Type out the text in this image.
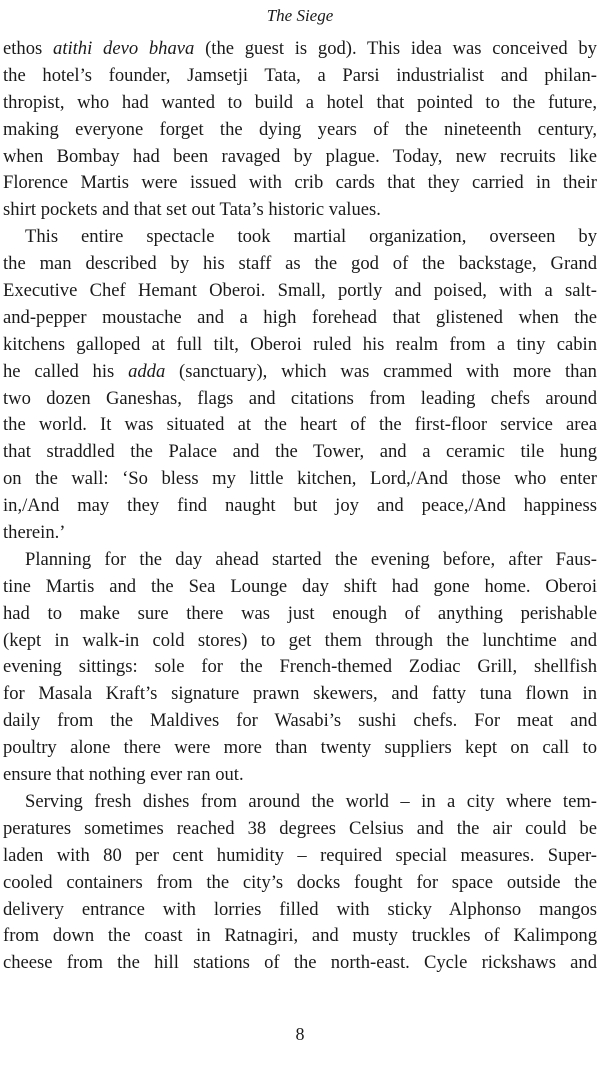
The Siege
ethos atithi devo bhava (the guest is god). This idea was conceived by
the hotel’s founder, Jamsetji Tata, a Parsi industrialist and philan-
thropist, who had wanted to build a hotel that pointed to the future,
making everyone forget the dying years of the nineteenth century,
when Bombay had been ravaged by plague. Today, new recruits like
Florence Martis were issued with crib cards that they carried in their
shirt pockets and that set out Tata’s historic values.
This entire spectacle took martial organization, overseen by
the man described by his staff as the god of the backstage, Grand
Executive Chef Hemant Oberoi. Small, portly and poised, with a salt-
and-pepper moustache and a high forehead that glistened when the
kitchens galloped at full tilt, Oberoi ruled his realm from a tiny cabin
he called his adda (sanctuary), which was crammed with more than
two dozen Ganeshas, flags and citations from leading chefs around
the world. It was situated at the heart of the first-floor service area
that straddled the Palace and the Tower, and a ceramic tile hung
on the wall: ‘So bless my little kitchen, Lord,/And those who enter
in,/And may they find naught but joy and peace,/And happiness
therein.’
Planning for the day ahead started the evening before, after Faus-
tine Martis and the Sea Lounge day shift had gone home. Oberoi
had to make sure there was just enough of anything perishable
(kept in walk-in cold stores) to get them through the lunchtime and
evening sittings: sole for the French-themed Zodiac Grill, shellfish
for Masala Kraft’s signature prawn skewers, and fatty tuna flown in
daily from the Maldives for Wasabi’s sushi chefs. For meat and
poultry alone there were more than twenty suppliers kept on call to
ensure that nothing ever ran out.
Serving fresh dishes from around the world – in a city where tem-
peratures sometimes reached 38 degrees Celsius and the air could be
laden with 80 per cent humidity – required special measures. Super-
cooled containers from the city’s docks fought for space outside the
delivery entrance with lorries filled with sticky Alphonso mangos
from down the coast in Ratnagiri, and musty truckles of Kalimpong
cheese from the hill stations of the north-east. Cycle rickshaws and
8
